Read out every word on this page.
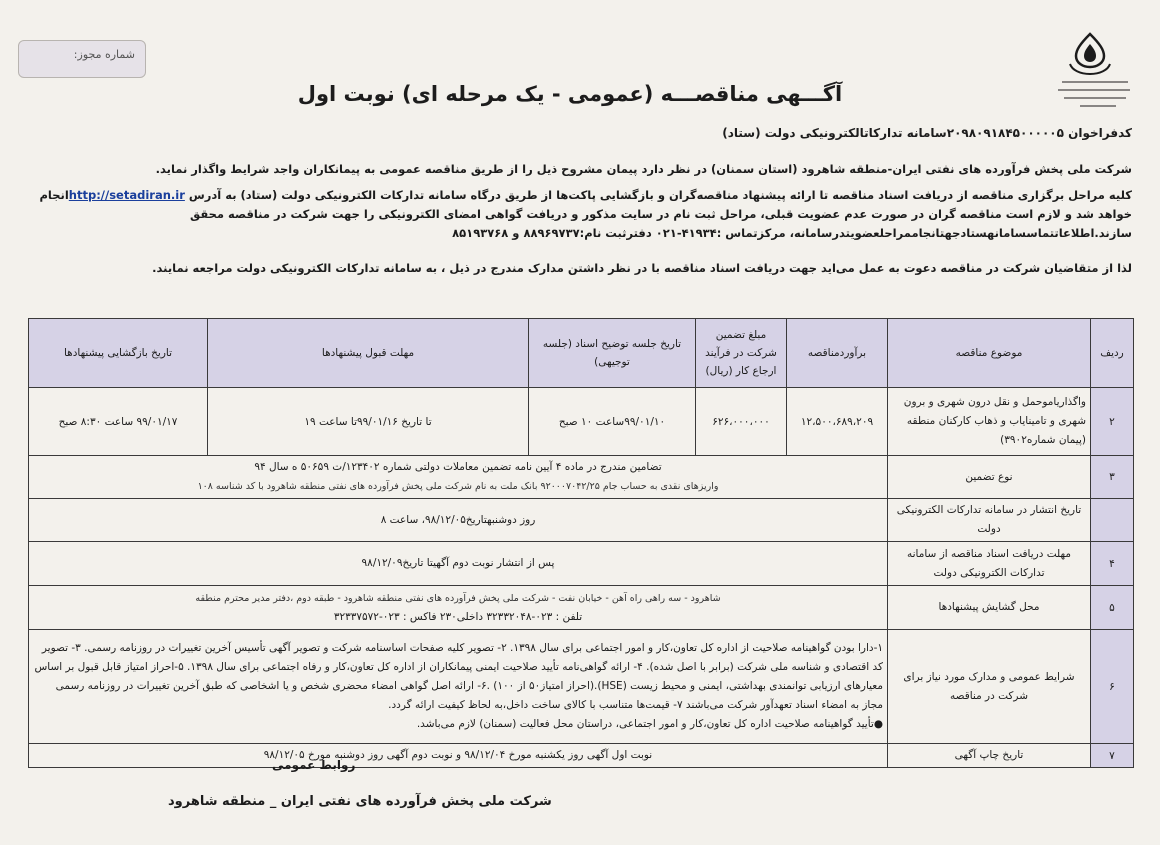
شماره مجوز:
آگـــهی مناقصـــه (عمومی - یک مرحله ای) نوبت اول
کدفراخوان ۲۰۹۸۰۹۱۸۴۵۰۰۰۰۰۵سامانه تدارکاتالکترونیکی دولت (ستاد)
شرکت ملی پخش فرآورده های نفتی ایران-منطقه شاهرود (استان سمنان) در نظر دارد پیمان مشروح ذیل را از طریق مناقصه عمومی به پیمانکاران واجد شرایط واگذار نماید.
کلیه مراحل برگزاری مناقصه از دریافت اسناد مناقصه تا ارائه پیشنهاد مناقصه‌گران و بازگشایی پاکت‌ها از طریق درگاه سامانه تدارکات الکترونیکی دولت (ستاد) به آدرس http://setadiran.irانجام خواهد شد و لازم است مناقصه گران در صورت عدم عضویت قبلی، مراحل ثبت نام در سایت مذکور و دریافت گواهی امضای الکترونیکی را جهت شرکت در مناقصه محقق سازند.اطلاعاتتماسسامانهستادجهتانجاممراحلعضویتدرسامانه، مرکزتماس :۴۱۹۳۴-۰۲۱ دفترثبت نام:۸۸۹۶۹۷۳۷ و ۸۵۱۹۳۷۶۸
لذا از متقاضیان شرکت در مناقصه دعوت به عمل می‌اید جهت دریافت اسناد مناقصه با در نظر داشتن مدارک مندرج در ذیل ، به سامانه تدارکات الکترونیکی دولت مراجعه نمایند.
ردیف	موضوع مناقصه	برآوردمناقصه	مبلغ تضمین شرکت در فرآیند ارجاع کار (ریال)	تاریخ جلسه توضیح اسناد (جلسه توجیهی)	مهلت قبول پیشنهادها	تاریخ بازگشایی پیشنهادها
۲	واگذاریاموحمل و نقل درون شهری و برون شهری و تامینایاب و ذهاب کارکنان منطقه (پیمان شماره۳۹۰۲)	۱۲،۵۰۰،۶۸۹،۲۰۹	۶۲۶،۰۰۰،۰۰۰	۹۹/۰۱/۱۰ساعت ۱۰ صبح	تا تاریخ ۹۹/۰۱/۱۶تا ساعت ۱۹	۹۹/۰۱/۱۷ ساعت ۸:۳۰ صبح
۳	نوع تضمین	تضامین مندرج در ماده ۴ آیین نامه تضمین معاملات دولتی شماره ۱۲۳۴۰۲/ت ۵۰۶۵۹ ه سال ۹۴
واریزهای نقدی به حساب جام ۹۲۰۰۰۷۰۴۲/۲۵ بانک ملت به نام شرکت ملی پخش فرآورده های نفتی منطقه شاهرود با کد شناسه ۱۰۸				

	تاریخ انتشار در سامانه تدارکات الکترونیکی دولت	روز دوشنبهتاریخ۹۸/۱۲/۰۵، ساعت ۸				
۴	مهلت دریافت اسناد مناقصه از سامانه تدارکات الکترونیکی دولت	پس از انتشار نوبت دوم آگهیتا تاریخ۹۸/۱۲/۰۹				
۵	محل گشایش پیشنهادها	شاهرود - سه راهی راه آهن - خیابان نفت - شرکت ملی پخش فرآورده های نفتی منطقه شاهرود - طبقه دوم ،دفتر مدیر محترم منطقه
تلفن : ۰۲۳-۳۲۳۳۲۰۴۸ داخلی۲۳۰ فاکس : ۰۲۳-۳۲۳۳۷۵۷۲				

۶	شرایط عمومی و مدارک مورد نیاز برای شرکت در مناقصه	۱-دارا بودن گواهینامه صلاحیت از اداره کل تعاون،کار و امور اجتماعی برای سال ۱۳۹۸. ۲- تصویر کلیه صفحات اساسنامه شرکت و تصویر آگهی تأسیس آخرین تغییرات در روزنامه رسمی. ۳- تصویر کد اقتصادی و شناسه ملی شرکت (برابر با اصل شده). ۴- ارائه گواهی‌نامه تأیید صلاحیت ایمنی پیمانکاران از اداره کل تعاون،کار و رفاه اجتماعی برای سال ۱۳۹۸. ۵-احراز امتیاز قابل قبول بر اساس معیارهای ارزیابی توانمندی بهداشتی، ایمنی و محیط زیست (HSE).(احراز امتیاز۵۰ از ۱۰۰) .۶- ارائه اصل گواهی امضاء محضری شخص و یا اشخاصی که طبق آخرین تغییرات در روزنامه رسمی مجاز به امضاء اسناد تعهدآور شرکت می‌باشند ۷- قیمت‌ها متناسب با کالای ساخت داخل،به لحاظ کیفیت ارائه گردد.
●تأیید گواهینامه صلاحیت اداره کل تعاون،کار و امور اجتماعی، دراستان محل فعالیت (سمنان) لازم می‌باشد.				

۷	تاریخ چاپ آگهی	نوبت اول آگهی روز یکشنبه مورخ ۹۸/۱۲/۰۴ و نوبت دوم آگهی روز دوشنبه مورخ ۹۸/۱۲/۰۵				
روابط عمومی
شرکت ملی پخش فرآورده های نفتی ایران _ منطقه شاهرود
